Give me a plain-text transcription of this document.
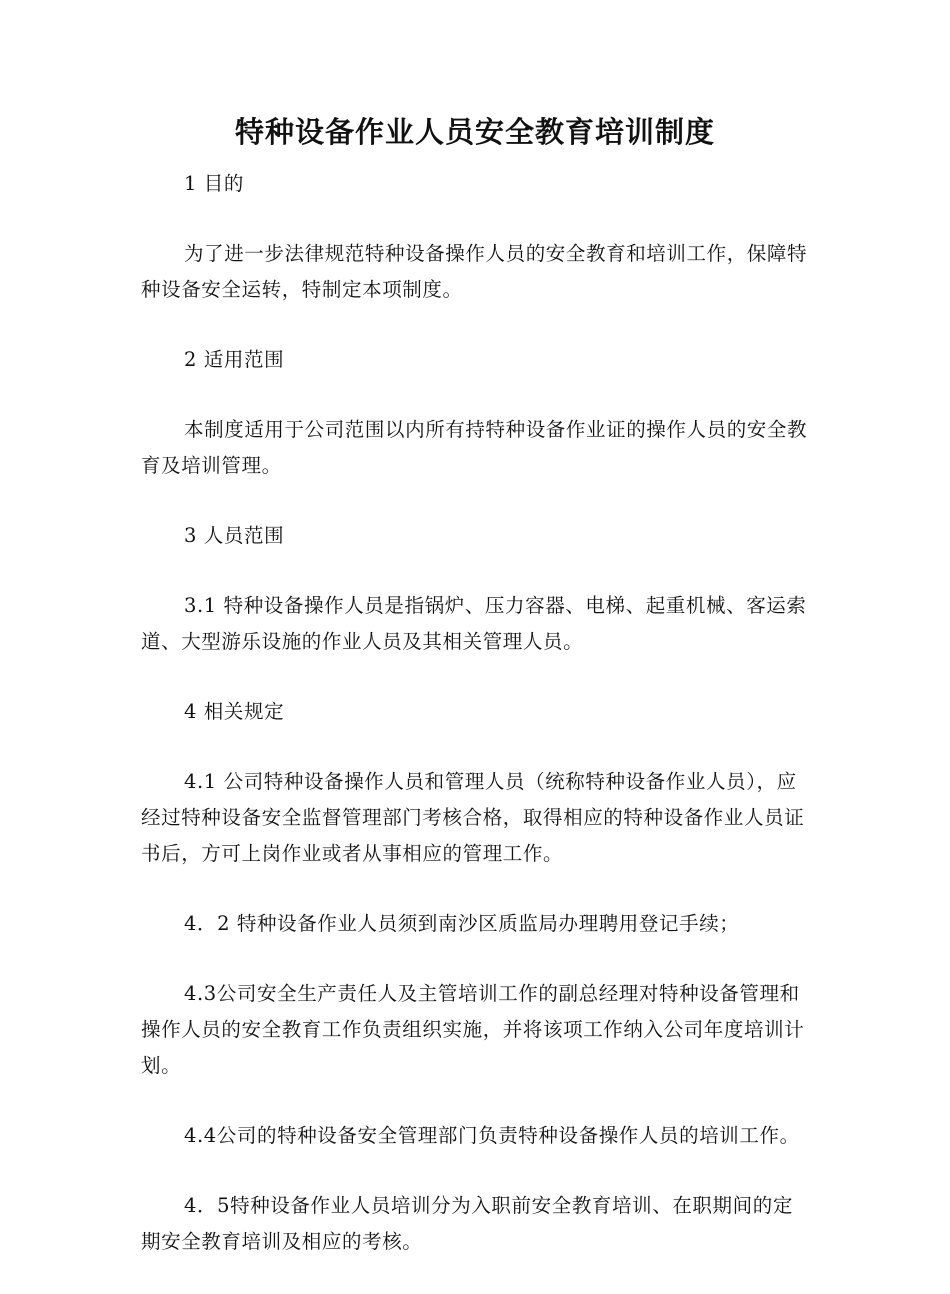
特种设备作业人员安全教育培训制度

1 目的

为了进一步法律规范特种设备操作人员的安全教育和培训工作，保障特种设备安全运转，特制定本项制度。

2 适用范围

本制度适用于公司范围以内所有持特种设备作业证的操作人员的安全教育及培训管理。

3 人员范围

3.1 特种设备操作人员是指锅炉、压力容器、电梯、起重机械、客运索道、大型游乐设施的作业人员及其相关管理人员。

4 相关规定

4.1 公司特种设备操作人员和管理人员（统称特种设备作业人员），应经过特种设备安全监督管理部门考核合格，取得相应的特种设备作业人员证书后，方可上岗作业或者从事相应的管理工作。

4．2 特种设备作业人员须到南沙区质监局办理聘用登记手续；

4.3公司安全生产责任人及主管培训工作的副总经理对特种设备管理和操作人员的安全教育工作负责组织实施，并将该项工作纳入公司年度培训计划。

4.4公司的特种设备安全管理部门负责特种设备操作人员的培训工作。

4．5特种设备作业人员培训分为入职前安全教育培训、在职期间的定期安全教育培训及相应的考核。
